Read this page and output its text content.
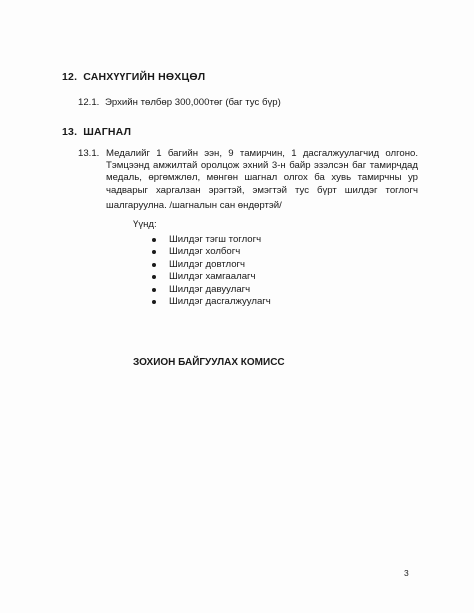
12. САНХҮҮГИЙН НӨХЦӨЛ
12.1. Эрхийн төлбөр 300,000төг (баг тус бүр)
13. ШАГНАЛ
13.1. Медалийг 1 багийн ээн, 9 тамирчин, 1 дасгалжуулагчид олгоно.
Тэмцээнд амжилтай оролцож эхний 3-н байр эзэлсэн баг тамирчдад
медаль, өргөмжлөл, мөнгөн шагнал олгох ба хувь тамирчны ур
чадварыг харгалзан эрэгтэй, эмэгтэй тус бүрт шилдэг тоглогч
шалгаруулна. /шагналын сан өндөртэй/
Үүнд:
Шилдэг тэгш тоглогч
Шилдэг холбогч
Шилдэг довтлогч
Шилдэг хамгаалагч
Шилдэг давуулагч
Шилдэг дасгалжуулагч
ЗОХИОН БАЙГУУЛАХ КОМИСС
3
